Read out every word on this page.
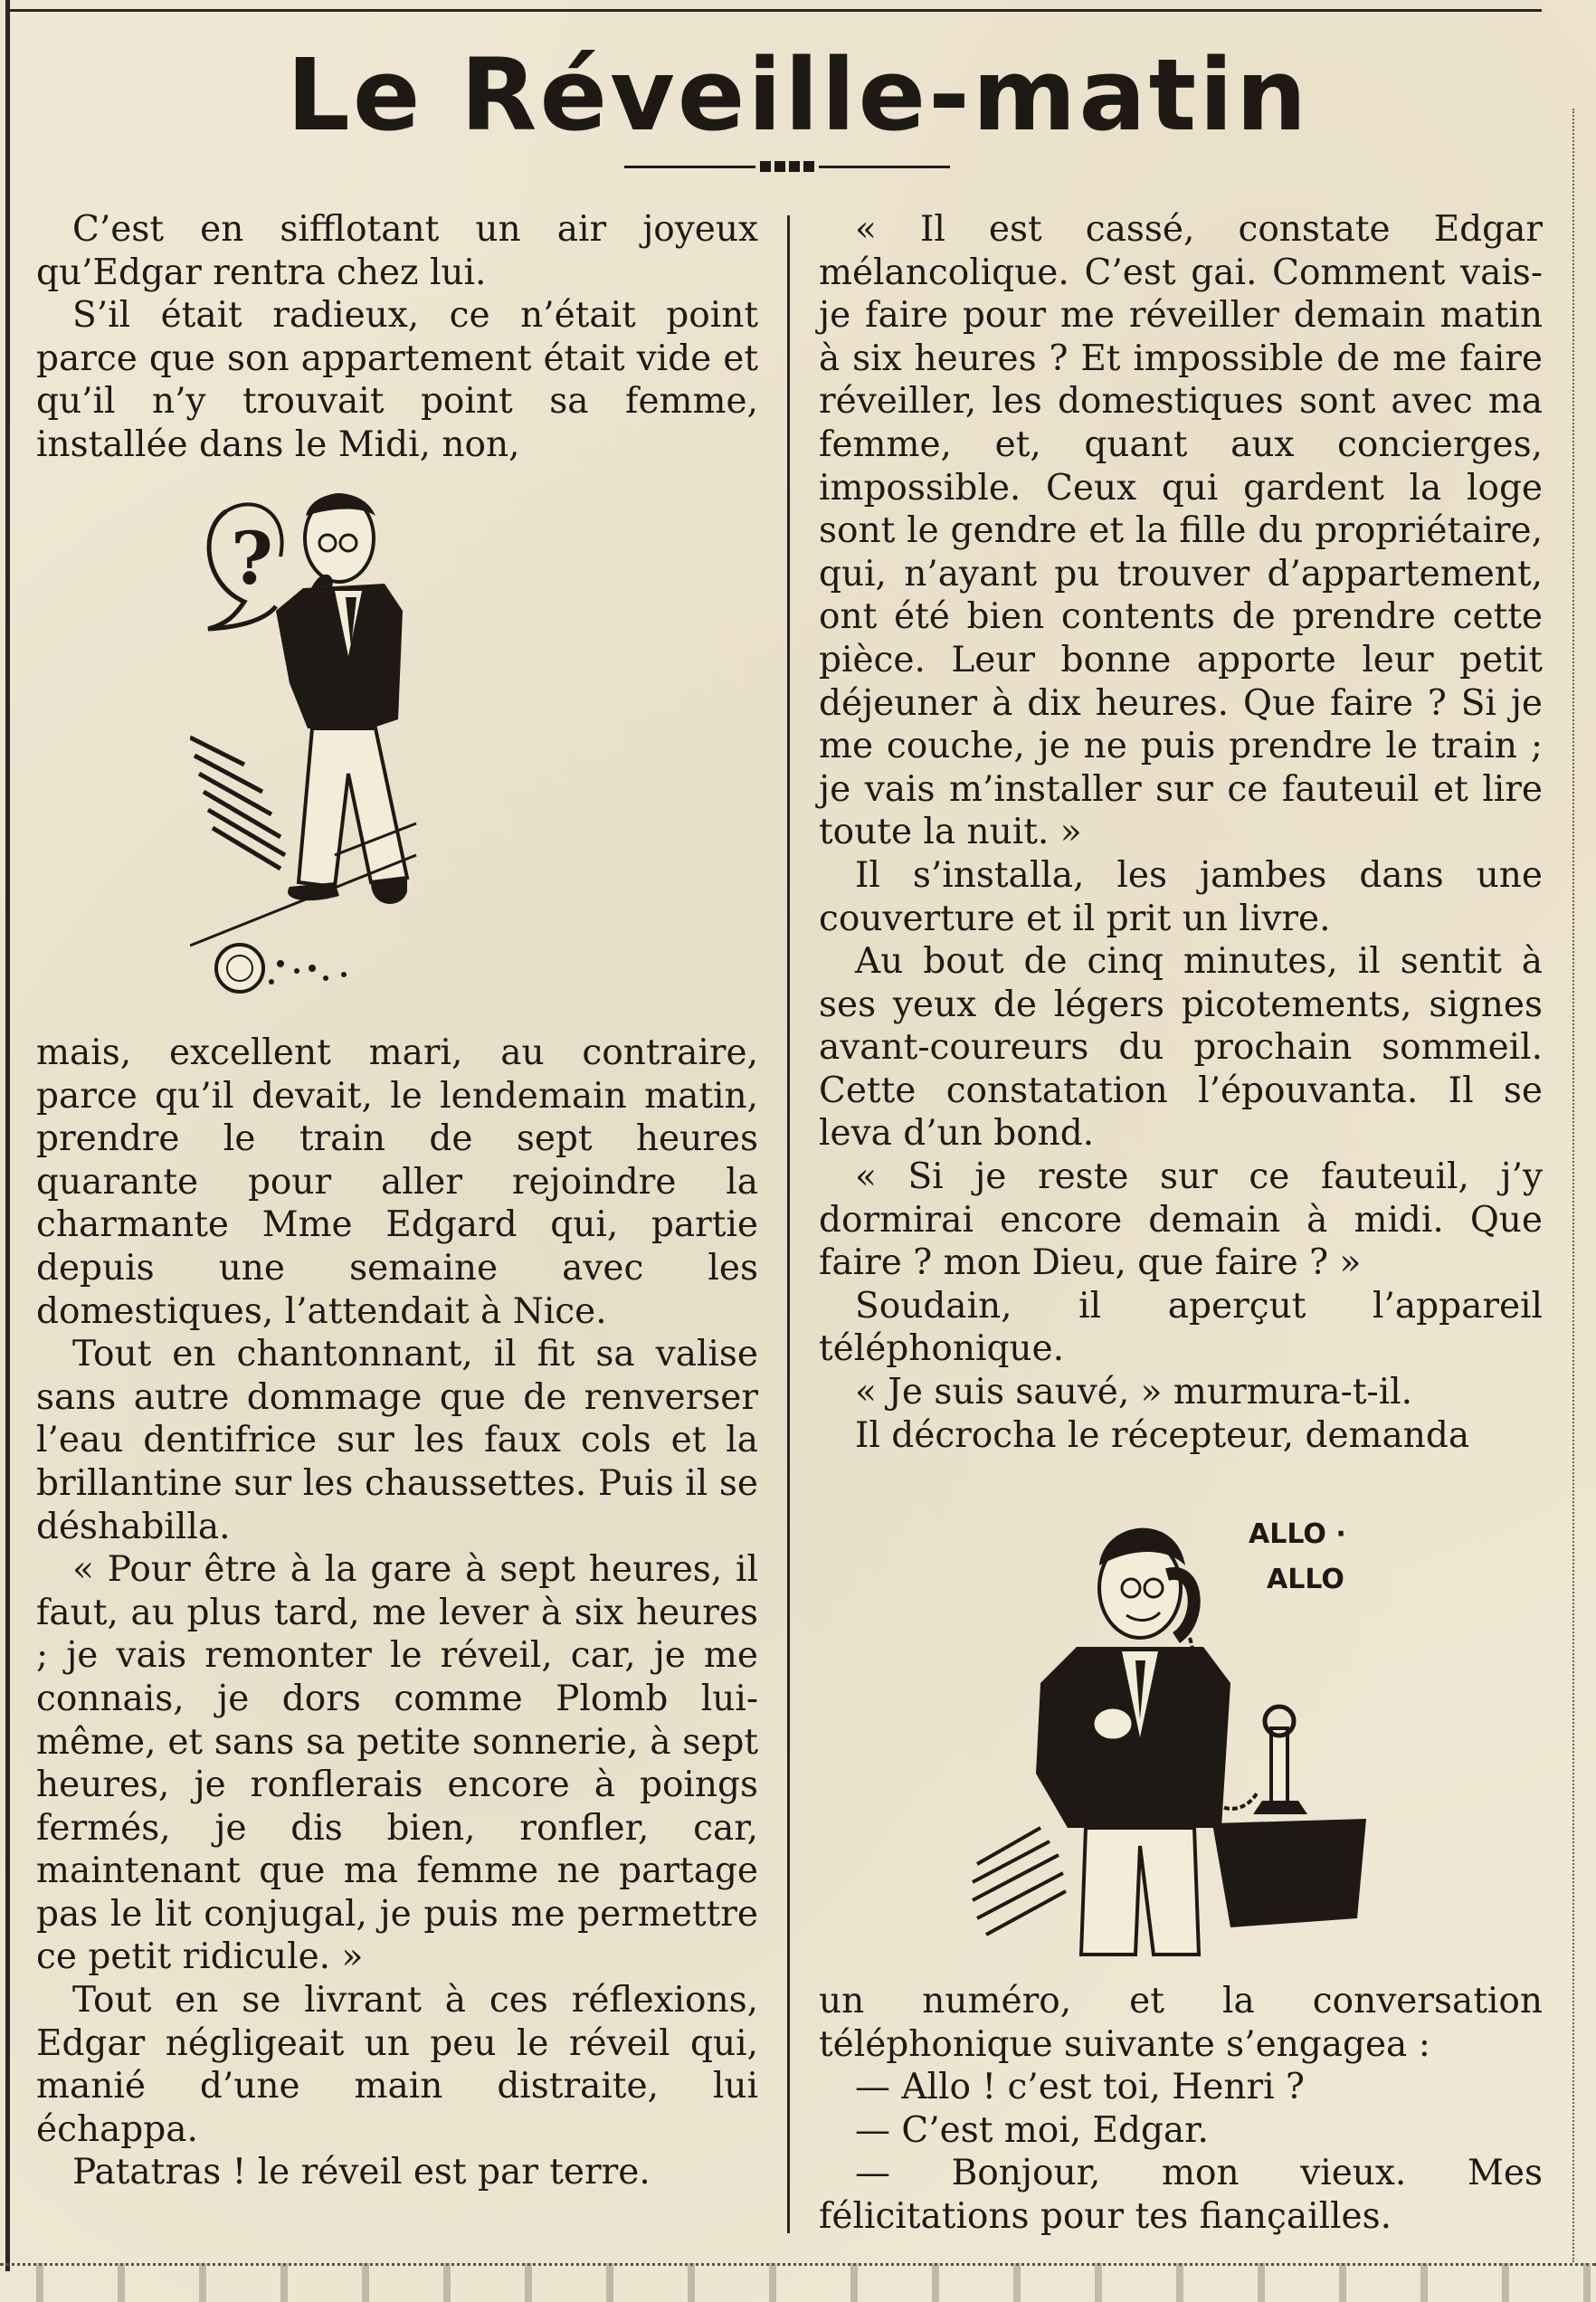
Le Réveille-matin

C’est en sifflotant un air joyeux qu’Edgar rentra chez lui.

S’il était radieux, ce n’était point parce que son appartement était vide et qu’il n’y trouvait point sa femme, installée dans le Midi, non,

?

mais, excellent mari, au contraire, parce qu’il devait, le lendemain matin, prendre le train de sept heures quarante pour aller rejoindre la charmante Mme Edgard qui, partie depuis une semaine avec les domestiques, l’attendait à Nice.

Tout en chantonnant, il fit sa valise sans autre dommage que de renverser l’eau dentifrice sur les faux cols et la brillantine sur les chaussettes. Puis il se déshabilla.

« Pour être à la gare à sept heures, il faut, au plus tard, me lever à six heures ; je vais remonter le réveil, car, je me connais, je dors comme Plomb lui-même, et sans sa petite sonnerie, à sept heures, je ronflerais encore à poings fermés, je dis bien, ronfler, car, maintenant que ma femme ne partage pas le lit conjugal, je puis me permettre ce petit ridicule. »

Tout en se livrant à ces réflexions, Edgar négligeait un peu le réveil qui, manié d’une main distraite, lui échappa.

Patatras ! le réveil est par terre.

« Il est cassé, constate Edgar mélancolique. C’est gai. Comment vais-je faire pour me réveiller demain matin à six heures ? Et impossible de me faire réveiller, les domestiques sont avec ma femme, et, quant aux concierges, impossible. Ceux qui gardent la loge sont le gendre et la fille du propriétaire, qui, n’ayant pu trouver d’appartement, ont été bien contents de prendre cette pièce. Leur bonne apporte leur petit déjeuner à dix heures. Que faire ? Si je me couche, je ne puis prendre le train ; je vais m’installer sur ce fauteuil et lire toute la nuit. »

Il s’installa, les jambes dans une couverture et il prit un livre.

Au bout de cinq minutes, il sentit à ses yeux de légers picotements, signes avant-coureurs du prochain sommeil. Cette constatation l’épouvanta. Il se leva d’un bond.

« Si je reste sur ce fauteuil, j’y dormirai encore demain à midi. Que faire ? mon Dieu, que faire ? »

Soudain, il aperçut l’appareil téléphonique.

« Je suis sauvé, » murmura-t-il.

Il décrocha le récepteur, demanda

ALLO ·
ALLO

un numéro, et la conversation téléphonique suivante s’engagea :

— Allo ! c’est toi, Henri ?

— C’est moi, Edgar.

— Bonjour, mon vieux. Mes félicitations pour tes fiançailles.
